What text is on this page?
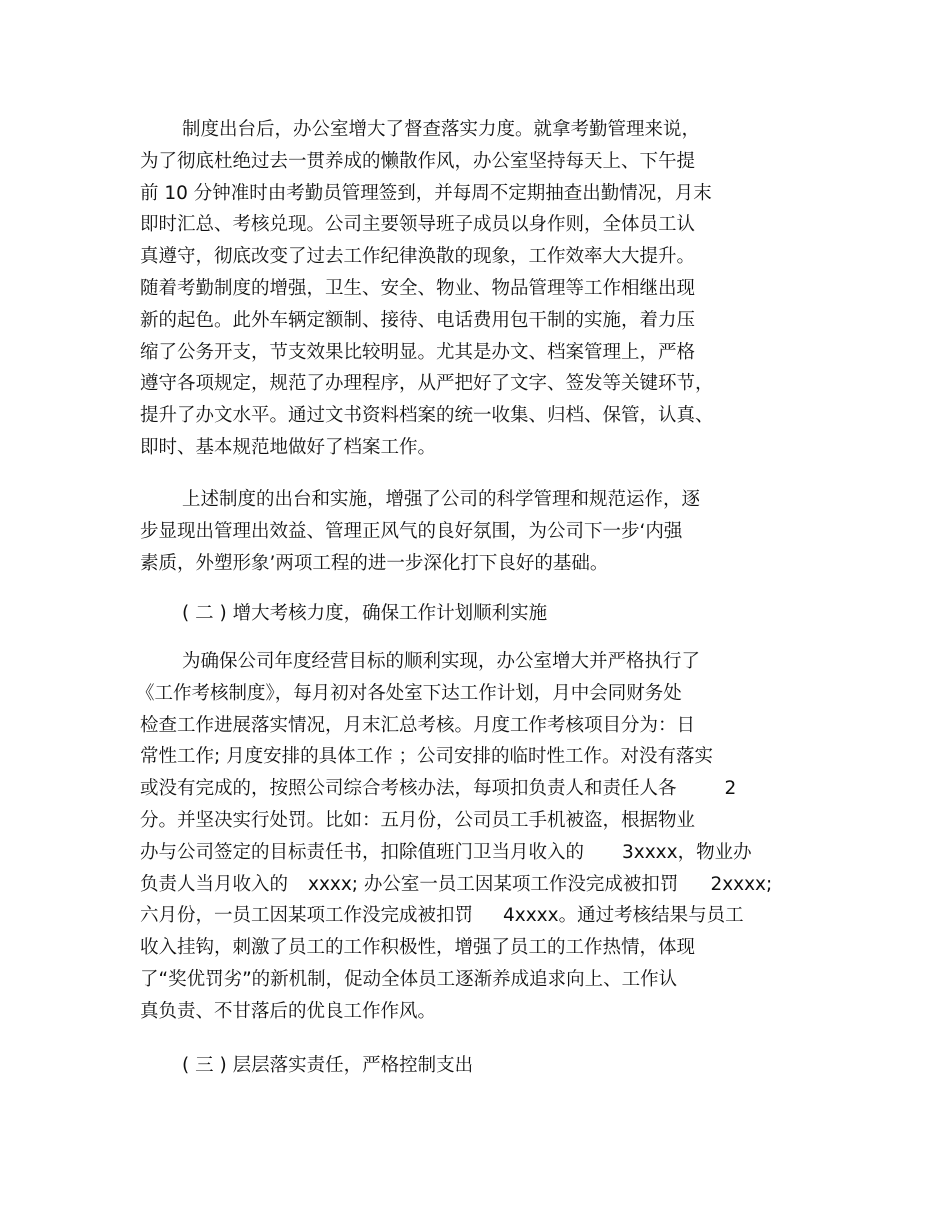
制度出台后，办公室增大了督查落实力度。就拿考勤管理来说，
为了彻底杜绝过去一贯养成的懒散作风，办公室坚持每天上、下午提
前 10 分钟准时由考勤员管理签到，并每周不定期抽查出勤情况，月末
即时汇总、考核兑现。公司主要领导班子成员以身作则，全体员工认
真遵守，彻底改变了过去工作纪律涣散的现象，工作效率大大提升。
随着考勤制度的增强，卫生、安全、物业、物品管理等工作相继出现
新的起色。此外车辆定额制、接待、电话费用包干制的实施，着力压
缩了公务开支，节支效果比较明显。尤其是办文、档案管理上，严格
遵守各项规定，规范了办理程序，从严把好了文字、签发等关键环节，
提升了办文水平。通过文书资料档案的统一收集、归档、保管，认真、
即时、基本规范地做好了档案工作。
上述制度的出台和实施，增强了公司的科学管理和规范运作，逐
步显现出管理出效益、管理正风气的良好氛围，为公司下一步‘内强
素质，外塑形象’两项工程的进一步深化打下良好的基础。
( 二 ) 增大考核力度，确保工作计划顺利实施
为确保公司年度经营目标的顺利实现，办公室增大并严格执行了
《工作考核制度》，每月初对各处室下达工作计划，月中会同财务处
检查工作进展落实情况，月末汇总考核。月度工作考核项目分为：日
常性工作; 月度安排的具体工作 ；公司安排的临时性工作。对没有落实
或没有完成的，按照公司综合考核办法，每项扣负责人和责任人各	2
分。并坚决实行处罚。比如：五月份，公司员工手机被盗，根据物业
办与公司签定的目标责任书，扣除值班门卫当月收入的 3xxxx，物业办
负责人当月收入的 xxxx; 办公室一员工因某项工作没完成被扣罚 2xxxx;
六月份，一员工因某项工作没完成被扣罚 4xxxx。通过考核结果与员工
收入挂钩，刺激了员工的工作积极性，增强了员工的工作热情，体现
了“奖优罚劣”的新机制，促动全体员工逐渐养成追求向上、工作认
真负责、不甘落后的优良工作作风。
( 三 ) 层层落实责任，严格控制支出
